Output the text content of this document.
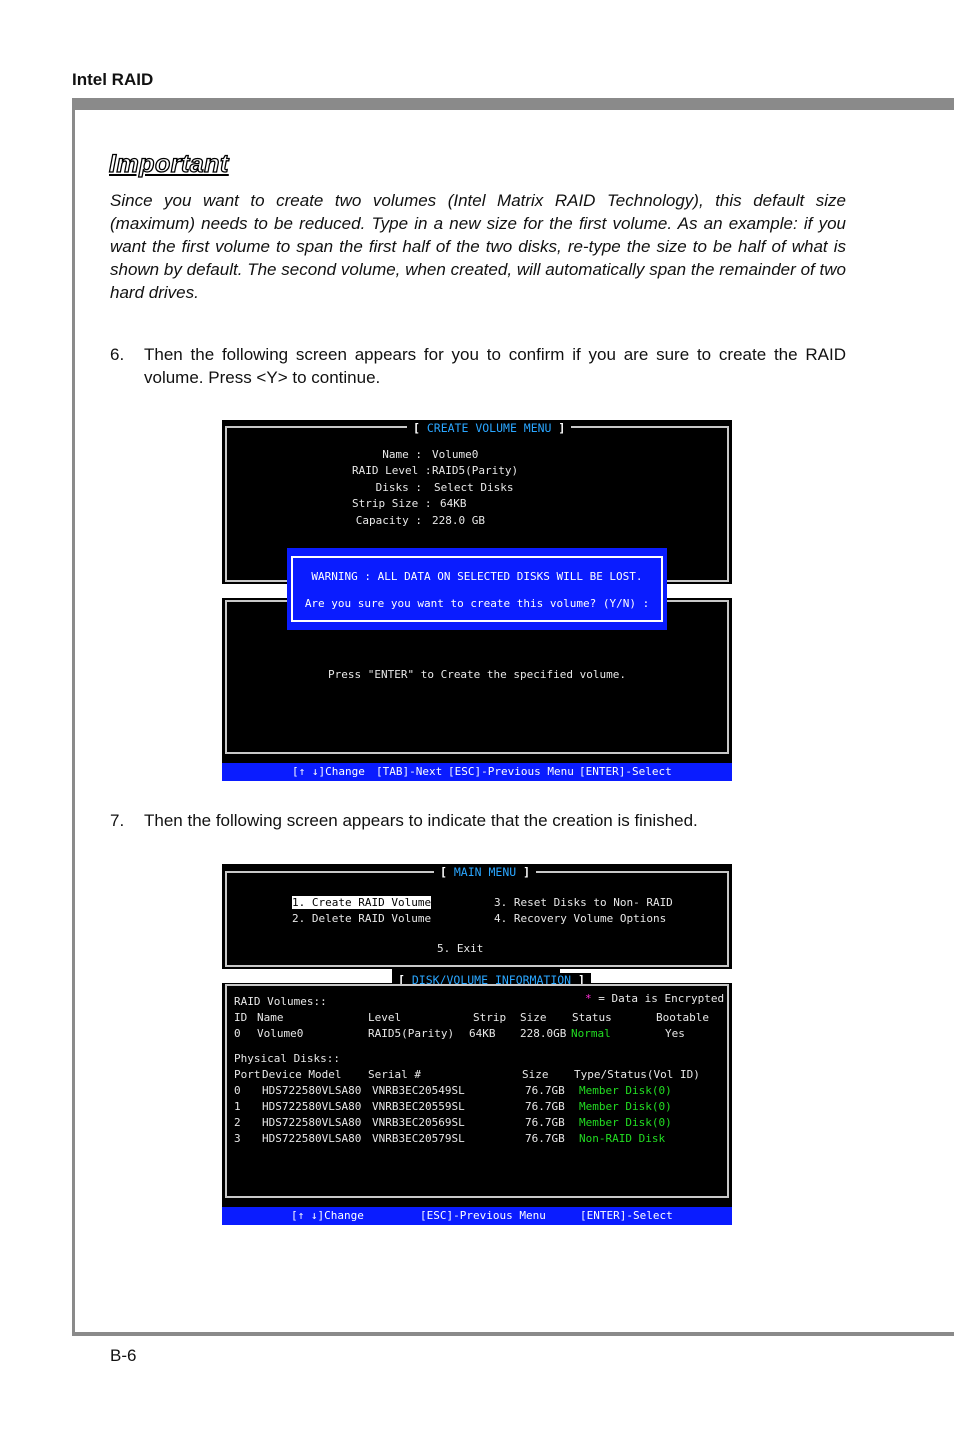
Intel RAID
Important
Since you want to create two volumes (Intel Matrix RAID Technology), this default size (maximum) needs to be reduced. Type in a new size for the first volume. As an example: if you want the first volume to span the first half of the two disks, re-type the size to be half of what is shown by default. The second volume, when created, will automatically span the remainder of two hard drives.
6. Then the following screen appears for you to confirm if you are sure to create the RAID volume. Press <Y> to continue.
[ CREATE VOLUME MENU ]
Name : Volume0
RAID Level : RAID5(Parity)
Disks : Select Disks
Strip Size : 64KB
Capacity : 228.0 GB
Press "ENTER" to Create the specified volume.
WARNING : ALL DATA ON SELECTED DISKS WILL BE LOST.
Are you sure you want to create this volume? (Y/N) :
[↑ ↓]Change [TAB]-Next [ESC]-Previous Menu [ENTER]-Select
7. Then the following screen appears to indicate that the creation is finished.
[ MAIN MENU ]
1. Create RAID Volume
2. Delete RAID Volume
3. Reset Disks to Non- RAID
4. Recovery Volume Options
5. Exit
[ DISK/VOLUME INFORMATION ]
* = Data is Encrypted
RAID Volumes::
ID Name	Level	Strip Size Status	Bootable
0 Volume0	RAID5(Parity) 64KB 228.0GB Normal	Yes
Physical Disks::
Port Device Model Serial #	Size Type/Status(Vol ID)
0 HDS722580VLSA80 VNRB3EC20549SL	76.7GB Member Disk(0)
1 HDS722580VLSA80 VNRB3EC20559SL	76.7GB Member Disk(0)
2 HDS722580VLSA80 VNRB3EC20569SL	76.7GB Member Disk(0)
3 HDS722580VLSA80 VNRB3EC20579SL	76.7GB Non-RAID Disk
[↑ ↓]Change	[ESC]-Previous Menu	[ENTER]-Select
B-6
